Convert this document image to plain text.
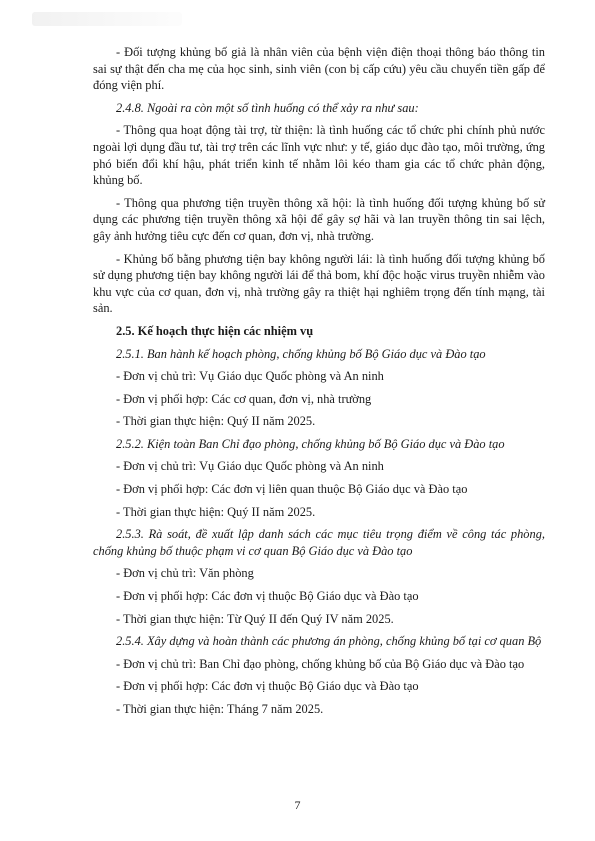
- Đối tượng khủng bố giả là nhân viên của bệnh viện điện thoại thông báo thông tin sai sự thật đến cha mẹ của học sinh, sinh viên (con bị cấp cứu) yêu cầu chuyển tiền gấp để đóng viện phí.

2.4.8. Ngoài ra còn một số tình huống có thể xảy ra như sau:

- Thông qua hoạt động tài trợ, từ thiện: là tình huống các tổ chức phi chính phủ nước ngoài lợi dụng đầu tư, tài trợ trên các lĩnh vực như: y tế, giáo dục đào tạo, môi trường, ứng phó biến đổi khí hậu, phát triển kinh tế nhằm lôi kéo tham gia các tổ chức phản động, khủng bố.

- Thông qua phương tiện truyền thông xã hội: là tình huống đối tượng khủng bố sử dụng các phương tiện truyền thông xã hội để gây sợ hãi và lan truyền thông tin sai lệch, gây ảnh hưởng tiêu cực đến cơ quan, đơn vị, nhà trường.

- Khủng bố bằng phương tiện bay không người lái: là tình huống đối tượng khủng bố sử dụng phương tiện bay không người lái để thả bom, khí độc hoặc virus truyền nhiễm vào khu vực của cơ quan, đơn vị, nhà trường gây ra thiệt hại nghiêm trọng đến tính mạng, tài sản.

2.5. Kế hoạch thực hiện các nhiệm vụ

2.5.1. Ban hành kế hoạch phòng, chống khủng bố Bộ Giáo dục và Đào tạo

- Đơn vị chủ trì: Vụ Giáo dục Quốc phòng và An ninh

- Đơn vị phối hợp: Các cơ quan, đơn vị, nhà trường

- Thời gian thực hiện: Quý II năm 2025.

2.5.2. Kiện toàn Ban Chỉ đạo phòng, chống khủng bố Bộ Giáo dục và Đào tạo

- Đơn vị chủ trì: Vụ Giáo dục Quốc phòng và An ninh

- Đơn vị phối hợp: Các đơn vị liên quan thuộc Bộ Giáo dục và Đào tạo

- Thời gian thực hiện: Quý II năm 2025.

2.5.3. Rà soát, đề xuất lập danh sách các mục tiêu trọng điểm về công tác phòng, chống khủng bố thuộc phạm vi cơ quan Bộ Giáo dục và Đào tạo

- Đơn vị chủ trì: Văn phòng

- Đơn vị phối hợp: Các đơn vị thuộc Bộ Giáo dục và Đào tạo

- Thời gian thực hiện: Từ Quý II đến Quý IV năm 2025.

2.5.4. Xây dựng và hoàn thành các phương án phòng, chống khủng bố tại cơ quan Bộ

- Đơn vị chủ trì: Ban Chỉ đạo phòng, chống khủng bố của Bộ Giáo dục và Đào tạo

- Đơn vị phối hợp: Các đơn vị thuộc Bộ Giáo dục và Đào tạo

- Thời gian thực hiện: Tháng 7 năm 2025.

7
